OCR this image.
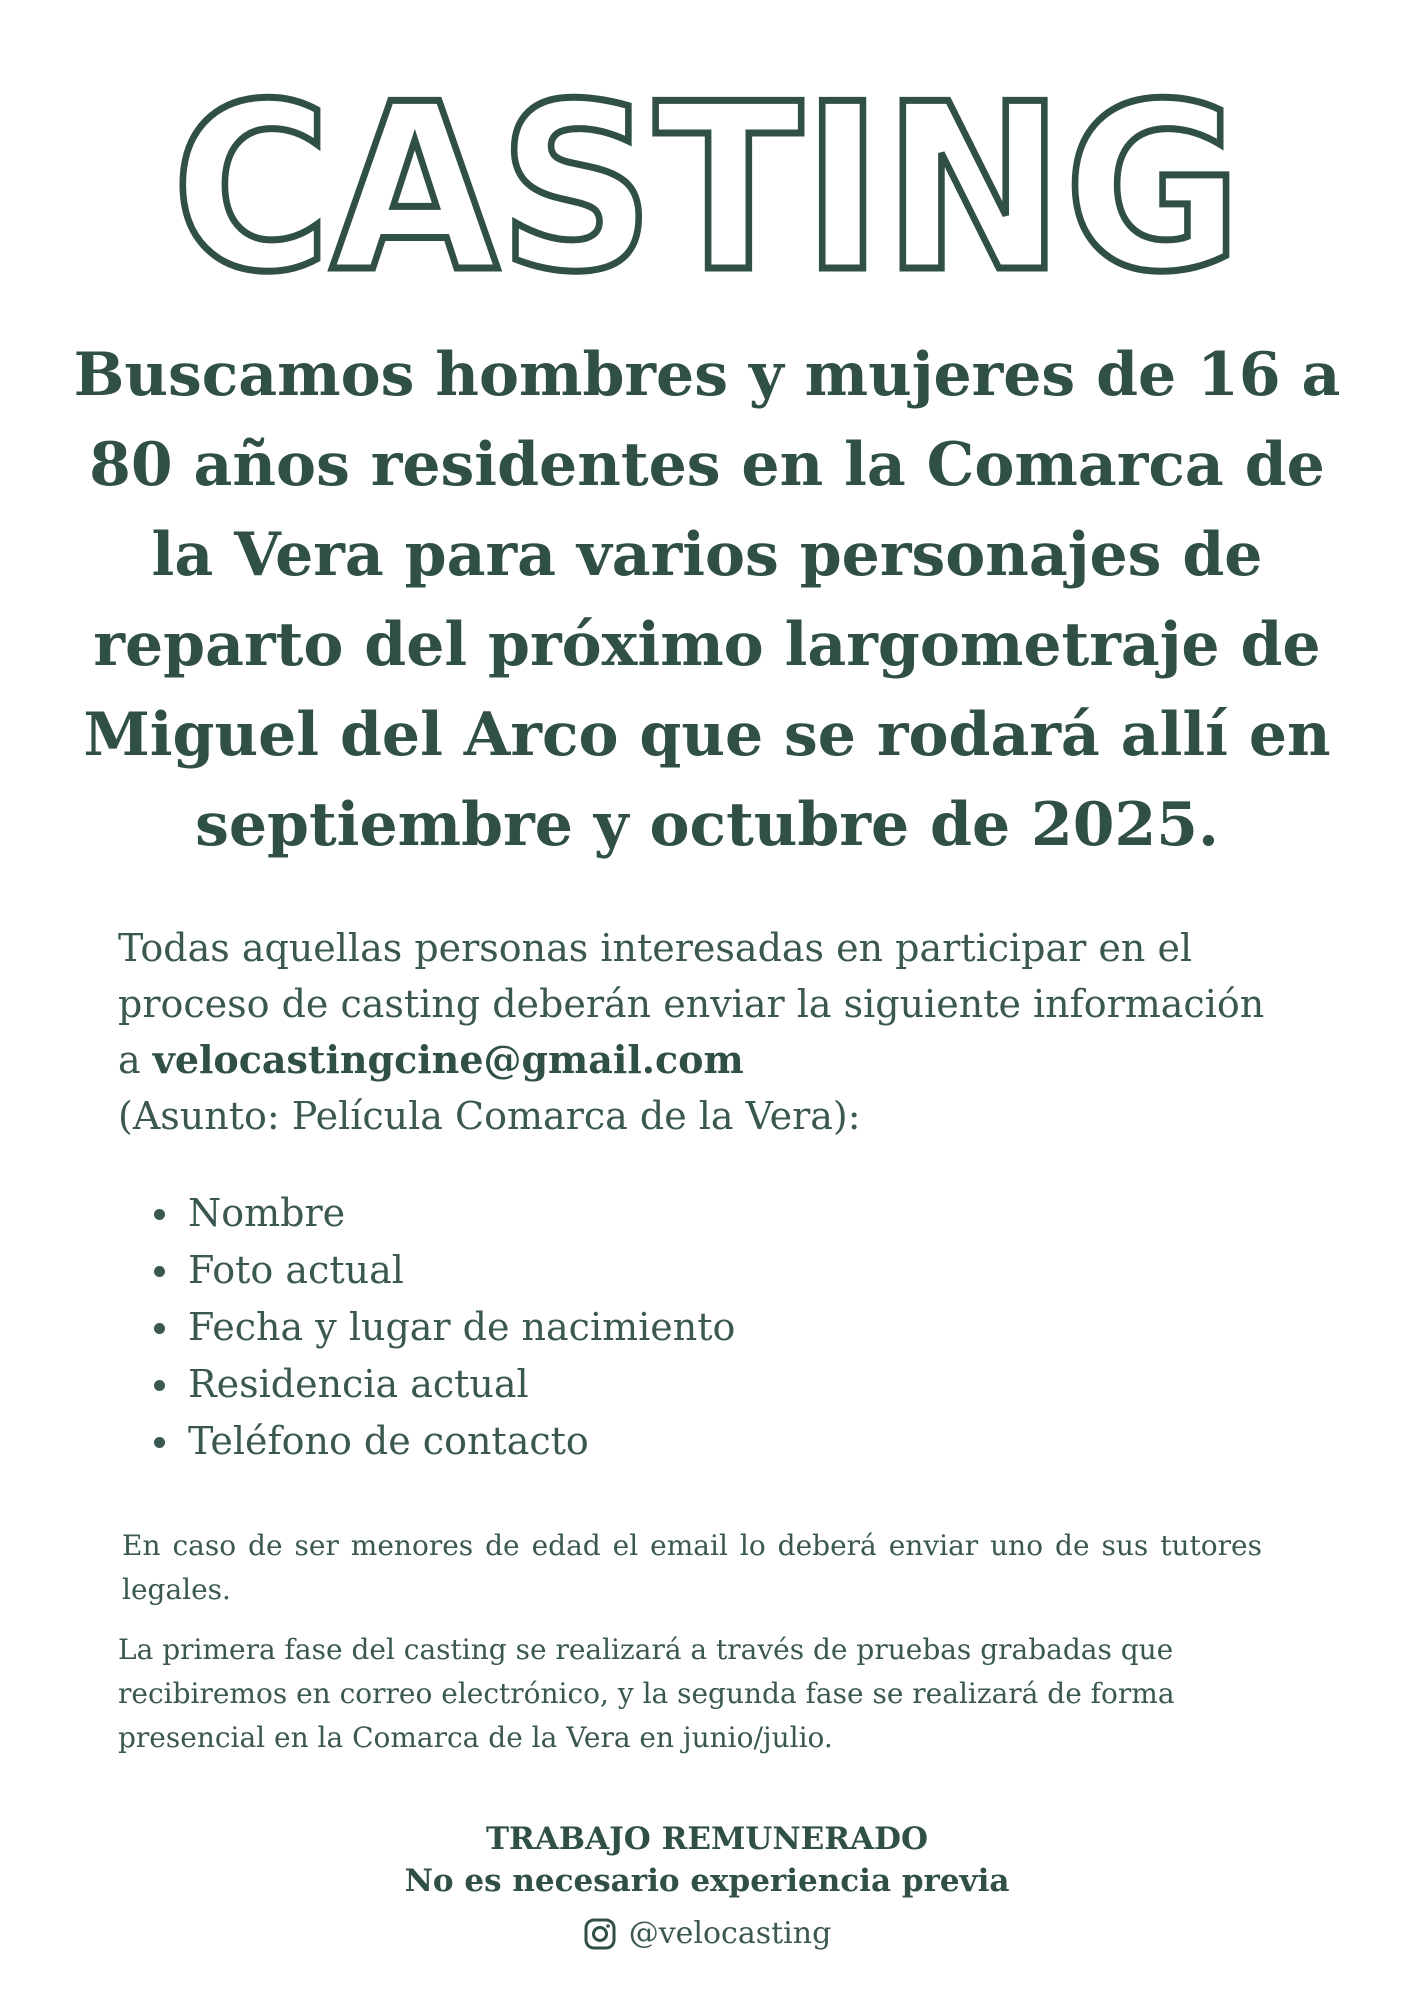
CASTING

Buscamos hombres y mujeres de 16 a 80 años residentes en la Comarca de la Vera para varios personajes de reparto del próximo largometraje de Miguel del Arco que se rodará allí en septiembre y octubre de 2025.

Todas aquellas personas interesadas en participar en el proceso de casting deberán enviar la siguiente información a velocastingcine@gmail.com
(Asunto: Película Comarca de la Vera):

Nombre
Foto actual
Fecha y lugar de nacimiento
Residencia actual
Teléfono de contacto

En caso de ser menores de edad el email lo deberá enviar uno de sus tutores legales.

La primera fase del casting se realizará a través de pruebas grabadas que recibiremos en correo electrónico, y la segunda fase se realizará de forma presencial en la Comarca de la Vera en junio/julio.

TRABAJO REMUNERADO
No es necesario experiencia previa

@velocasting
